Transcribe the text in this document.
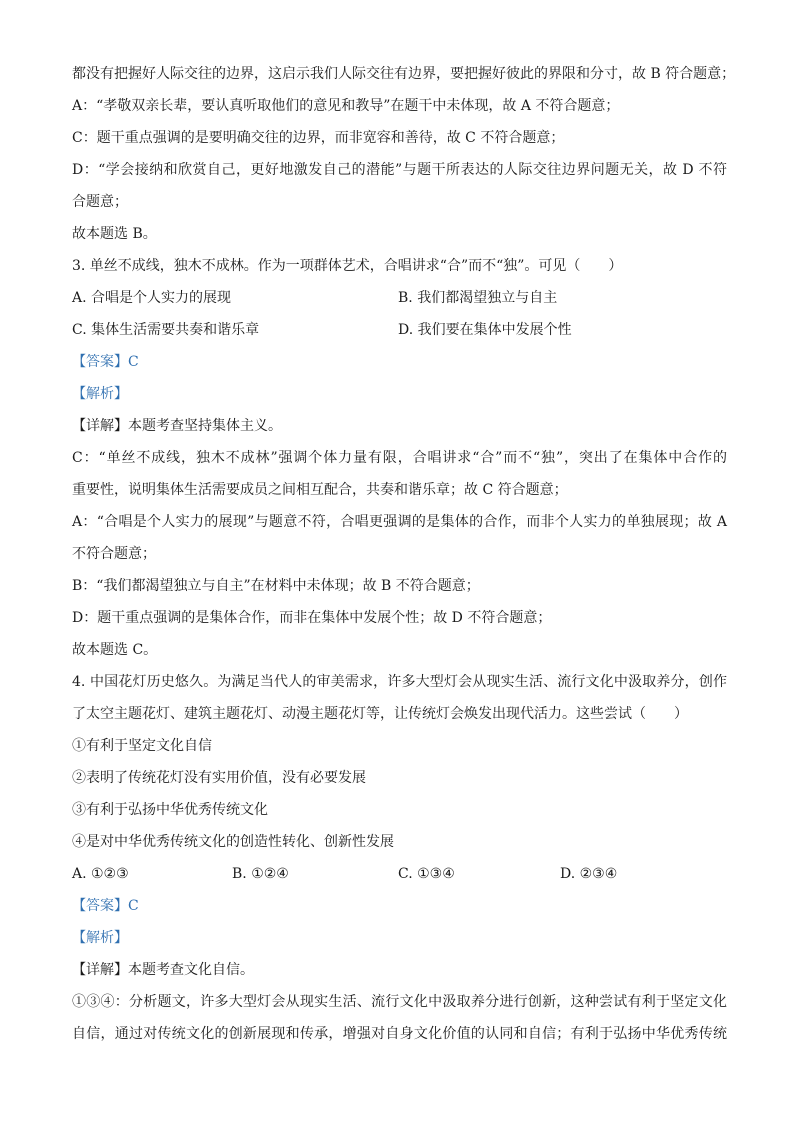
都没有把握好人际交往的边界，这启示我们人际交往有边界，要把握好彼此的界限和分寸，故 B 符合题意；
A：“孝敬双亲长辈，要认真听取他们的意见和教导”在题干中未体现，故 A 不符合题意；
C：题干重点强调的是要明确交往的边界，而非宽容和善待，故 C 不符合题意；
D：“学会接纳和欣赏自己，更好地激发自己的潜能”与题干所表达的人际交往边界问题无关，故 D 不符
合题意；
故本题选 B。
3. 单丝不成线，独木不成林。作为一项群体艺术，合唱讲求“合”而不“独”。可见（　　）
A. 合唱是个人实力的展现	B. 我们都渴望独立与自主
C. 集体生活需要共奏和谐乐章	D. 我们要在集体中发展个性
【答案】C
【解析】
【详解】本题考查坚持集体主义。
C：“单丝不成线，独木不成林”强调个体力量有限，合唱讲求“合”而不“独”，突出了在集体中合作的
重要性，说明集体生活需要成员之间相互配合，共奏和谐乐章；故 C 符合题意；
A：“合唱是个人实力的展现”与题意不符，合唱更强调的是集体的合作，而非个人实力的单独展现；故 A
不符合题意；
B：“我们都渴望独立与自主”在材料中未体现；故 B 不符合题意；
D：题干重点强调的是集体合作，而非在集体中发展个性；故 D 不符合题意；
故本题选 C。
4. 中国花灯历史悠久。为满足当代人的审美需求，许多大型灯会从现实生活、流行文化中汲取养分，创作
了太空主题花灯、建筑主题花灯、动漫主题花灯等，让传统灯会焕发出现代活力。这些尝试（　　）
①有利于坚定文化自信
②表明了传统花灯没有实用价值，没有必要发展
③有利于弘扬中华优秀传统文化
④是对中华优秀传统文化的创造性转化、创新性发展
A. ①②③	B. ①②④	C. ①③④	D. ②③④
【答案】C
【解析】
【详解】本题考查文化自信。
①③④：分析题文，许多大型灯会从现实生活、流行文化中汲取养分进行创新，这种尝试有利于坚定文化
自信，通过对传统文化的创新展现和传承，增强对自身文化价值的认同和自信；有利于弘扬中华优秀传统
